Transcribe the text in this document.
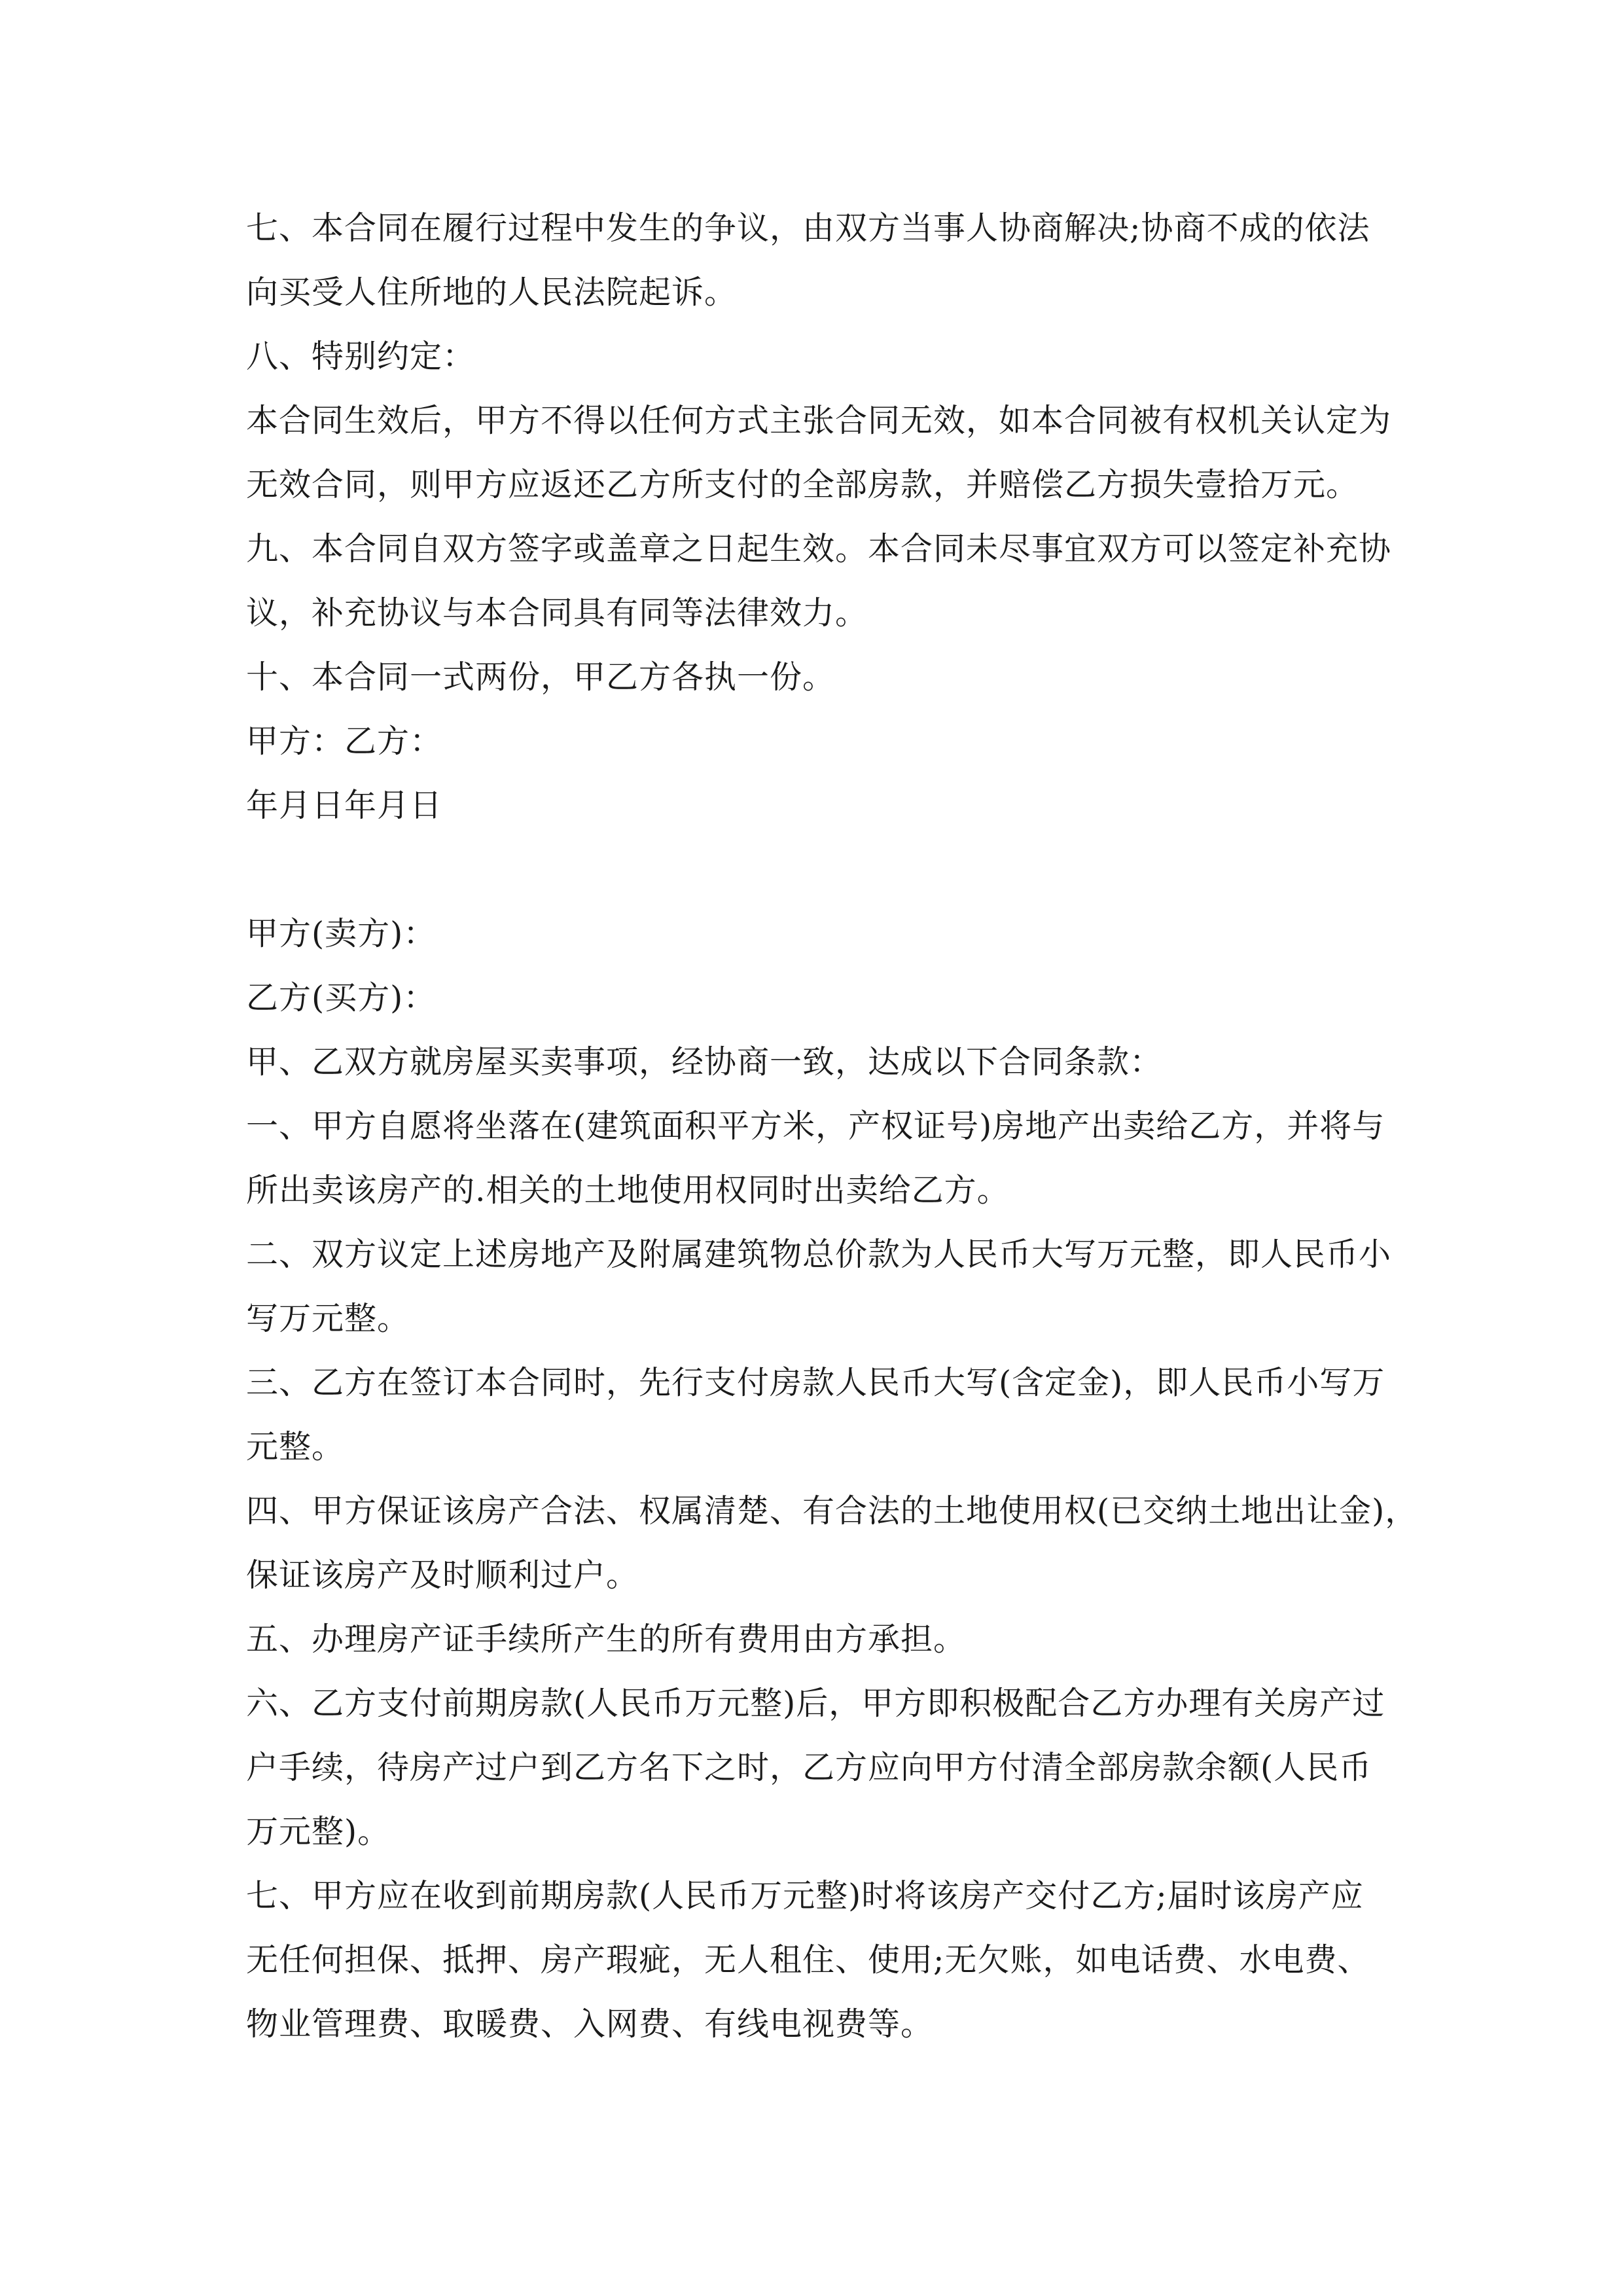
七、本合同在履行过程中发生的争议，由双方当事人协商解决;协商不成的依法

向买受人住所地的人民法院起诉。

八、特别约定：

本合同生效后，甲方不得以任何方式主张合同无效，如本合同被有权机关认定为

无效合同，则甲方应返还乙方所支付的全部房款，并赔偿乙方损失壹拾万元。

九、本合同自双方签字或盖章之日起生效。本合同未尽事宜双方可以签定补充协

议，补充协议与本合同具有同等法律效力。

十、本合同一式两份，甲乙方各执一份。

甲方：乙方：

年月日年月日

甲方(卖方)：

乙方(买方)：

甲、乙双方就房屋买卖事项，经协商一致，达成以下合同条款：

一、甲方自愿将坐落在(建筑面积平方米，产权证号)房地产出卖给乙方，并将与

所出卖该房产的.相关的土地使用权同时出卖给乙方。

二、双方议定上述房地产及附属建筑物总价款为人民币大写万元整，即人民币小

写万元整。

三、乙方在签订本合同时，先行支付房款人民币大写(含定金)，即人民币小写万

元整。

四、甲方保证该房产合法、权属清楚、有合法的土地使用权(已交纳土地出让金)，

保证该房产及时顺利过户。

五、办理房产证手续所产生的所有费用由方承担。

六、乙方支付前期房款(人民币万元整)后，甲方即积极配合乙方办理有关房产过

户手续，待房产过户到乙方名下之时，乙方应向甲方付清全部房款余额(人民币

万元整)。

七、甲方应在收到前期房款(人民币万元整)时将该房产交付乙方;届时该房产应

无任何担保、抵押、房产瑕疵，无人租住、使用;无欠账，如电话费、水电费、

物业管理费、取暖费、入网费、有线电视费等。
